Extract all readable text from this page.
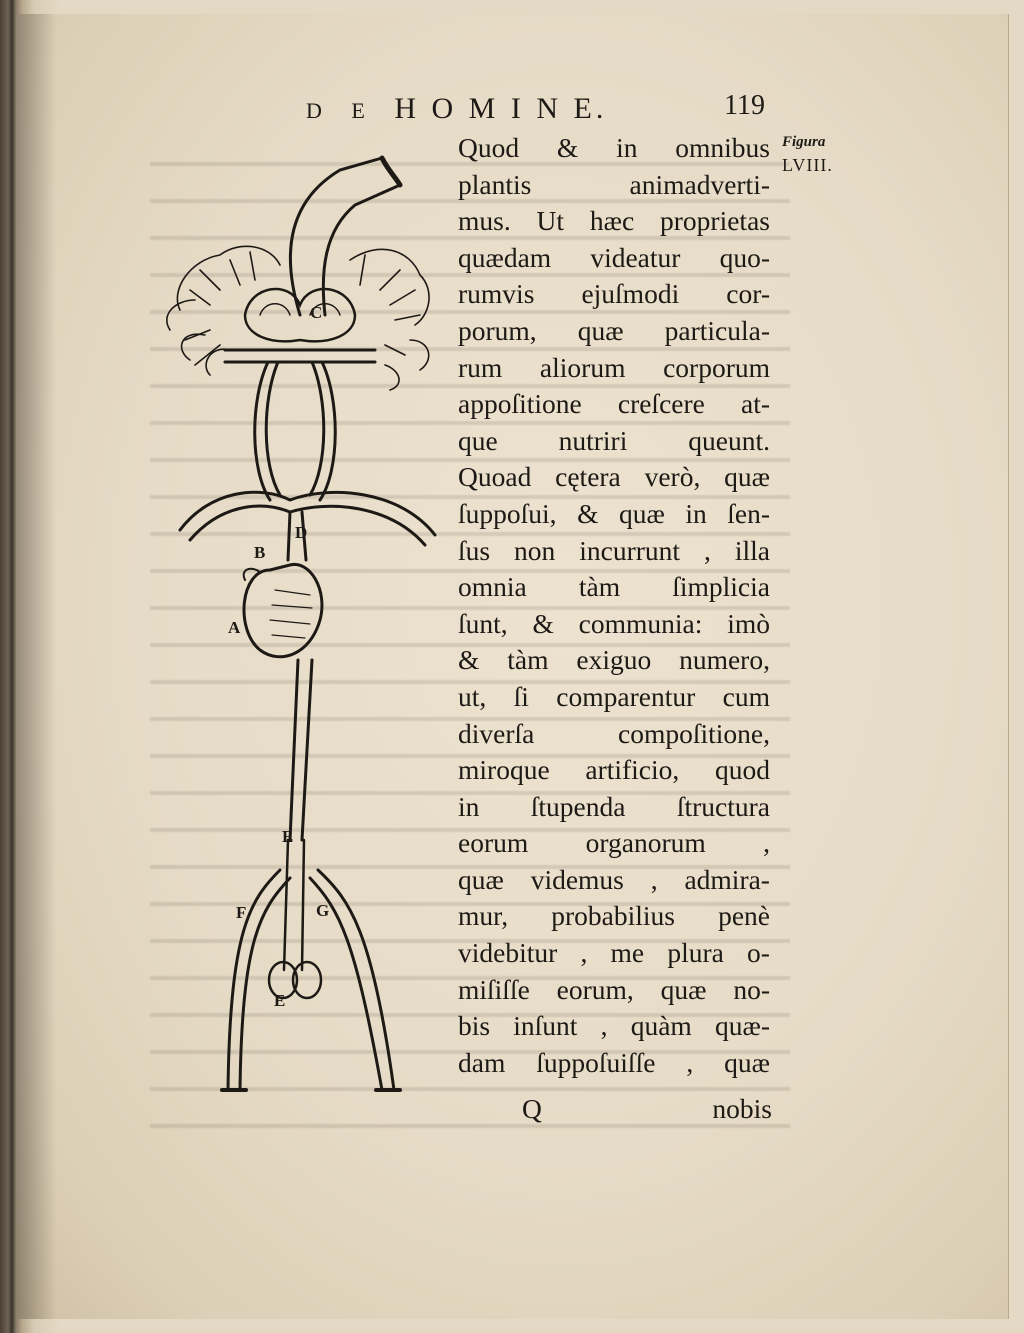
D E H O M I N E.	119
Figura
LVIII.
Quod & in omnibus
plantis	animadverti-
mus. Ut hæc proprietas
quædam videatur quo-
rumvis ejuſmodi cor-
porum, quæ particula-
rum aliorum corporum
appoſitione creſcere at-
que nutriri queunt.
Quoad cętera verò, quæ
ſuppoſui, & quæ in ſen-
ſus non incurrunt , illa
omnia tàm ſimplicia
ſunt, & communia: imò
& tàm exiguo numero,
ut, ſi comparentur cum
diverſa	compoſitione,
miroque artificio, quod
in ſtupenda ſtructura
eorum organorum ,
quæ videmus , admira-
mur, probabilius penè
videbitur , me plura o-
miſiſſe eorum, quæ no-
bis inſunt , quàm quæ-
dam ſuppoſuiſſe , quæ
Q	nobis
A
B
C
D
E
E
F	G
